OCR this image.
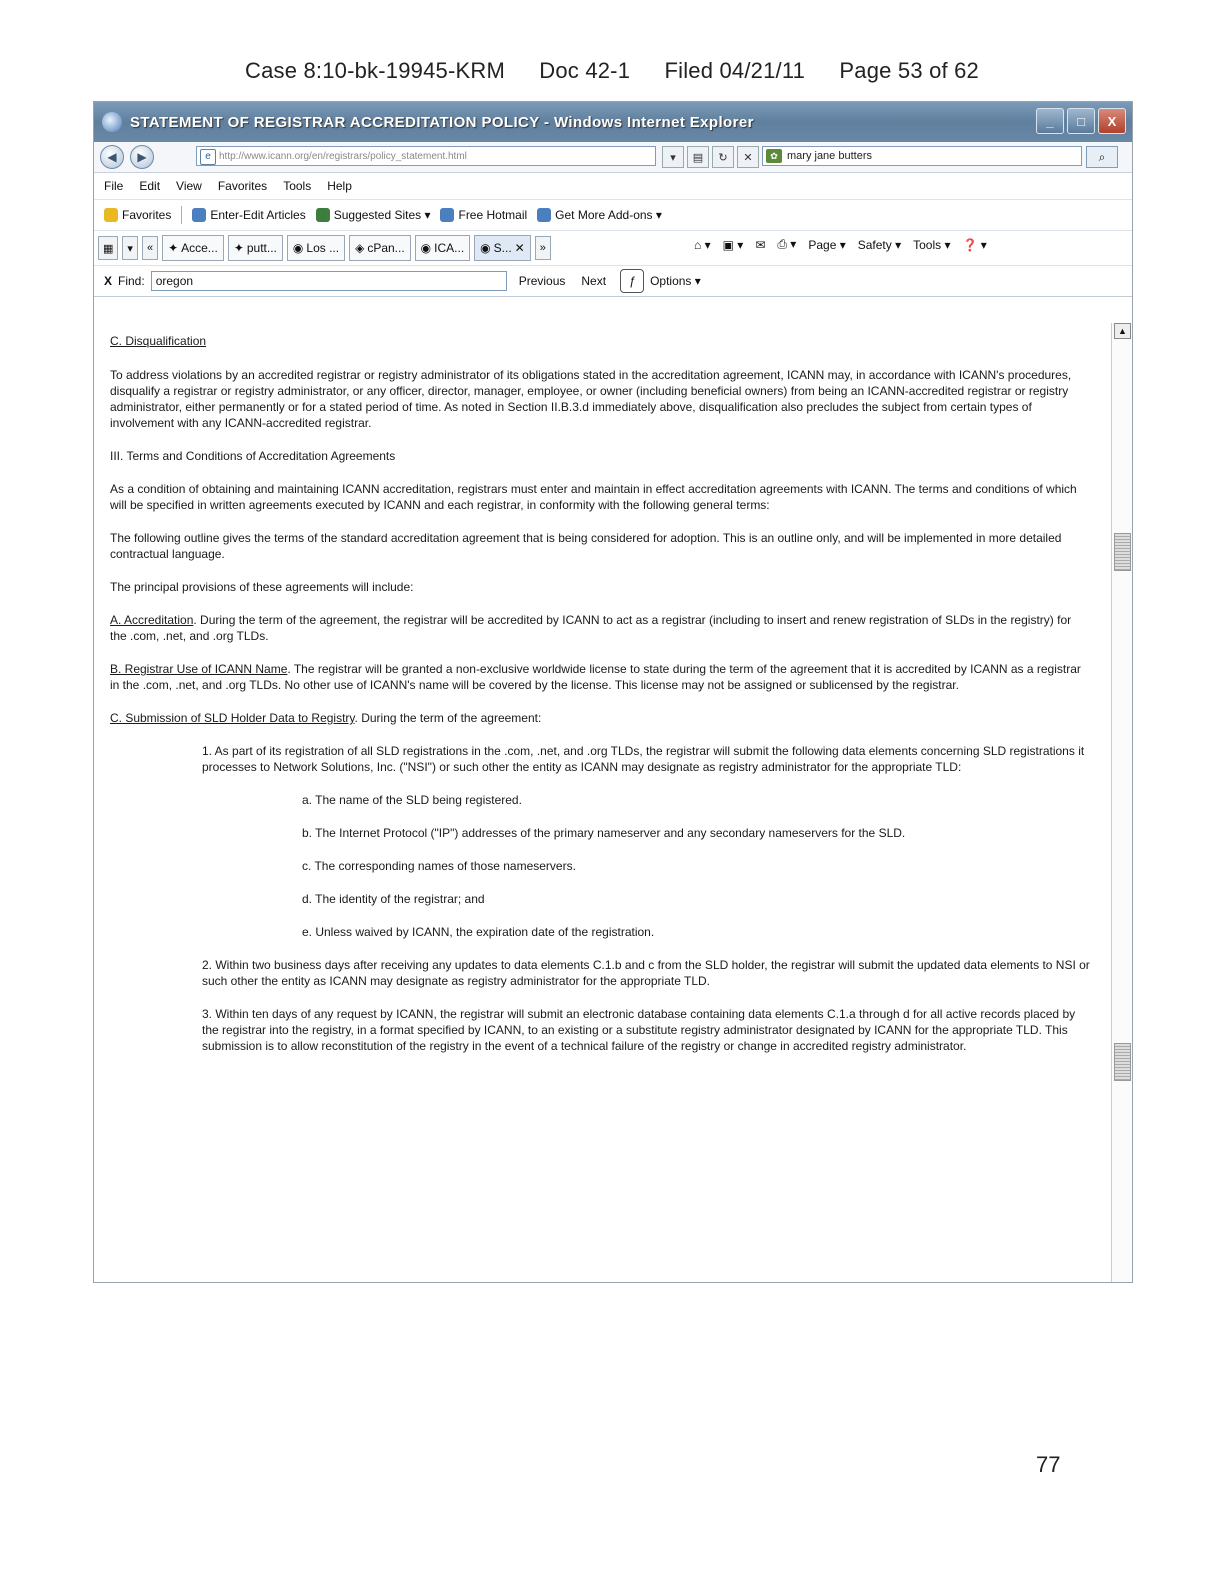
Case 8:10-bk-19945-KRM Doc 42-1 Filed 04/21/11 Page 53 of 62
STATEMENT OF REGISTRAR ACCREDITATION POLICY - Windows Internet Explorer	_	□	X
◀	▶	e http://www.icann.org/en/registrars/policy_statement.html	▾	▤	↻	✕	✿ mary jane butters	⌕
File Edit View Favorites Tools Help
Favorites	Enter-Edit Articles Suggested Sites ▾ Free Hotmail Get More Add-ons ▾
▦	▾	«	✦ Acce... ✦ putt... ◉ Los ... ◈ cPan... ◉ ICA... ◉ S... ✕	»	⌂ ▾ ▣ ▾ ✉ ⎙ ▾ Page ▾ Safety ▾ Tools ▾ ❓ ▾
X Find: oregon	Previous Next	ƒ	Options ▾

C. Disqualification

To address violations by an accredited registrar or registry administrator of its obligations stated in the accreditation agreement, ICANN may, in accordance with ICANN's procedures, disqualify a registrar or registry administrator, or any officer, director, manager, employee, or owner (including beneficial owners) from being an ICANN-accredited registrar or registry administrator, either permanently or for a stated period of time. As noted in Section II.B.3.d immediately above, disqualification also precludes the subject from certain types of involvement with any ICANN-accredited registrar.

III. Terms and Conditions of Accreditation Agreements

As a condition of obtaining and maintaining ICANN accreditation, registrars must enter and maintain in effect accreditation agreements with ICANN. The terms and conditions of which will be specified in written agreements executed by ICANN and each registrar, in conformity with the following general terms:

The following outline gives the terms of the standard accreditation agreement that is being considered for adoption. This is an outline only, and will be implemented in more detailed contractual language.

The principal provisions of these agreements will include:

A. Accreditation. During the term of the agreement, the registrar will be accredited by ICANN to act as a registrar (including to insert and renew registration of SLDs in the registry) for the .com, .net, and .org TLDs.

B. Registrar Use of ICANN Name. The registrar will be granted a non-exclusive worldwide license to state during the term of the agreement that it is accredited by ICANN as a registrar in the .com, .net, and .org TLDs. No other use of ICANN's name will be covered by the license. This license may not be assigned or sublicensed by the registrar.

C. Submission of SLD Holder Data to Registry. During the term of the agreement:

1. As part of its registration of all SLD registrations in the .com, .net, and .org TLDs, the registrar will submit the following data elements concerning SLD registrations it processes to Network Solutions, Inc. ("NSI") or such other the entity as ICANN may designate as registry administrator for the appropriate TLD:

a. The name of the SLD being registered.

b. The Internet Protocol ("IP") addresses of the primary nameserver and any secondary nameservers for the SLD.

c. The corresponding names of those nameservers.

d. The identity of the registrar; and

e. Unless waived by ICANN, the expiration date of the registration.

2. Within two business days after receiving any updates to data elements C.1.b and c from the SLD holder, the registrar will submit the updated data elements to NSI or such other the entity as ICANN may designate as registry administrator for the appropriate TLD.

3. Within ten days of any request by ICANN, the registrar will submit an electronic database containing data elements C.1.a through d for all active records placed by the registrar into the registry, in a format specified by ICANN, to an existing or a substitute registry administrator designated by ICANN for the appropriate TLD. This submission is to allow reconstitution of the registry in the event of a technical failure of the registry or change in accredited registry administrator.

▲
77
